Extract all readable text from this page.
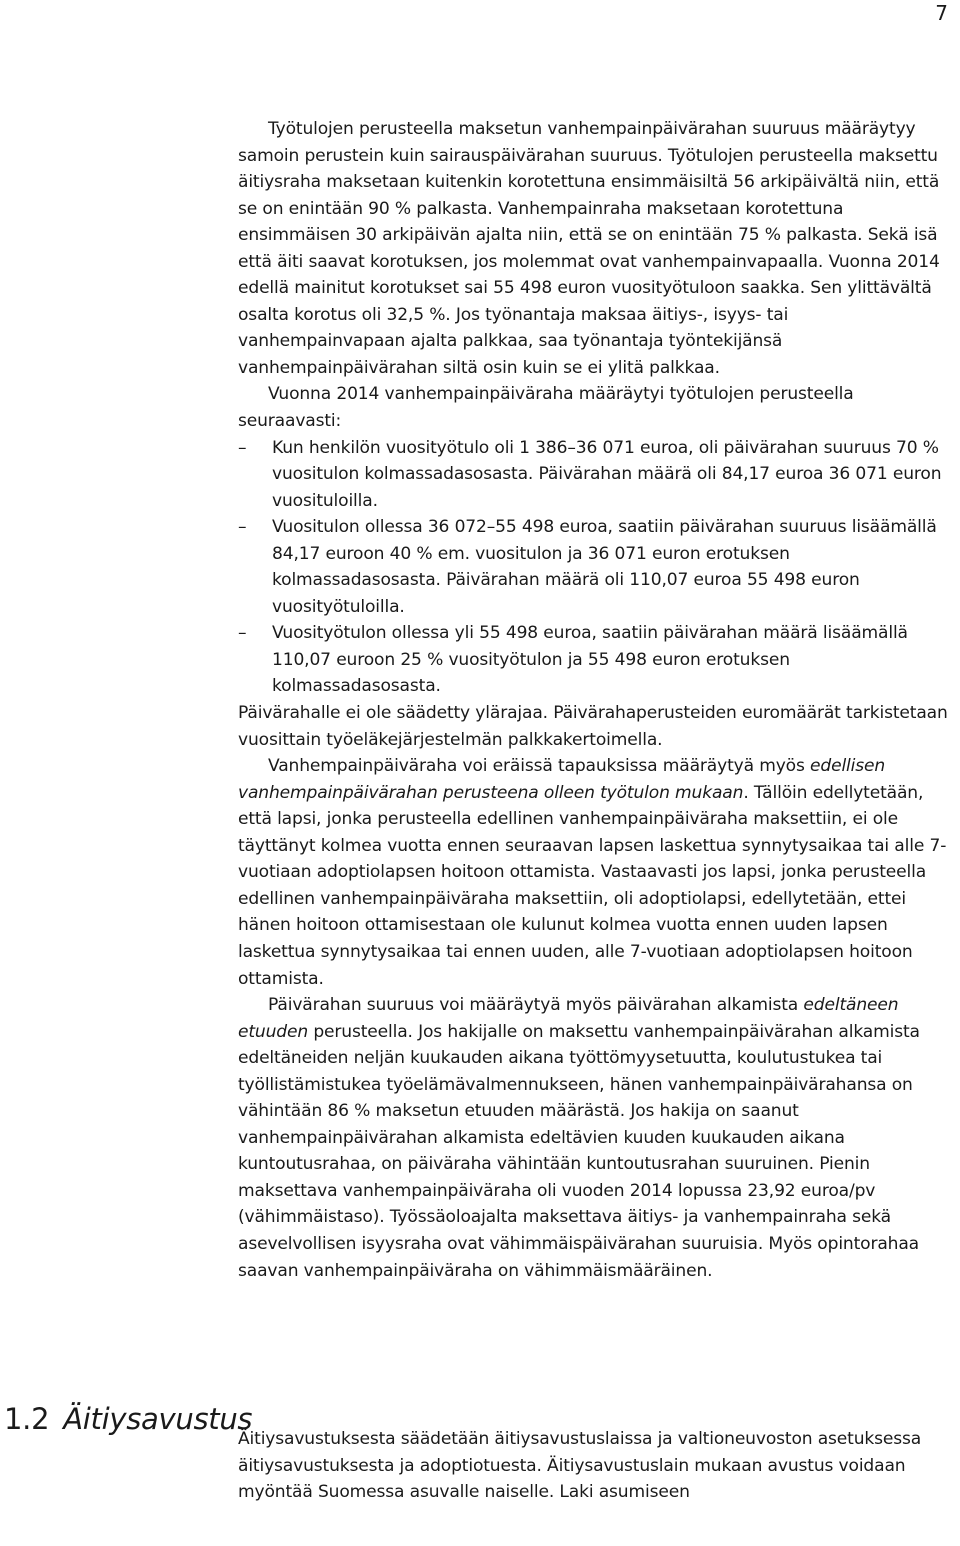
7

Työtulojen perusteella maksetun vanhempainpäivärahan suuruus määräytyy samoin perustein kuin sairauspäivärahan suuruus. Työtulojen perusteella maksettu äitiysraha maksetaan kuitenkin korotettuna ensimmäisiltä 56 arkipäivältä niin, että se on enintään 90 % palkasta. Vanhempainraha maksetaan korotettuna ensimmäisen 30 arkipäivän ajalta niin, että se on enintään 75 % palkasta. Sekä isä että äiti saavat korotuksen, jos molemmat ovat vanhempainvapaalla. Vuonna 2014 edellä mainitut korotukset sai 55 498 euron vuosityötuloon saakka. Sen ylittävältä osalta korotus oli 32,5 %. Jos työnantaja maksaa äitiys-, isyys- tai vanhempainvapaan ajalta palkkaa, saa työnantaja työntekijänsä vanhempainpäivärahan siltä osin kuin se ei ylitä palkkaa.

Vuonna 2014 vanhempainpäiväraha määräytyi työtulojen perusteella seuraavasti:

– Kun henkilön vuosityötulo oli 1 386–36 071 euroa, oli päivärahan suuruus 70 % vuositulon kolmassadasosasta. Päivärahan määrä oli 84,17 euroa 36 071 euron vuosituloilla.
– Vuositulon ollessa 36 072–55 498 euroa, saatiin päivärahan suuruus lisäämällä 84,17 euroon 40 % em. vuositulon ja 36 071 euron erotuksen kolmassadasosasta. Päivärahan määrä oli 110,07 euroa 55 498 euron vuosityötuloilla.
– Vuosityötulon ollessa yli 55 498 euroa, saatiin päivärahan määrä lisäämällä 110,07 euroon 25 % vuosityötulon ja 55 498 euron erotuksen kolmassadasosasta.

Päivärahalle ei ole säädetty ylärajaa. Päivärahaperusteiden euromäärät tarkistetaan vuosittain työeläkejärjestelmän palkkakertoimella.

Vanhempainpäiväraha voi eräissä tapauksissa määräytyä myös edellisen vanhempainpäivärahan perusteena olleen työtulon mukaan. Tällöin edellytetään, että lapsi, jonka perusteella edellinen vanhempainpäiväraha maksettiin, ei ole täyttänyt kolmea vuotta ennen seuraavan lapsen laskettua synnytysaikaa tai alle 7-vuotiaan adoptiolapsen hoitoon ottamista. Vastaavasti jos lapsi, jonka perusteella edellinen vanhempainpäiväraha maksettiin, oli adoptiolapsi, edellytetään, ettei hänen hoitoon ottamisestaan ole kulunut kolmea vuotta ennen uuden lapsen laskettua synnytysaikaa tai ennen uuden, alle 7-vuotiaan adoptiolapsen hoitoon ottamista.

Päivärahan suuruus voi määräytyä myös päivärahan alkamista edeltäneen etuuden perusteella. Jos hakijalle on maksettu vanhempainpäivärahan alkamista edeltäneiden neljän kuukauden aikana työttömyysetuutta, koulutustukea tai työllistämistukea työelämävalmennukseen, hänen vanhempainpäivärahansa on vähintään 86 % maksetun etuuden määrästä. Jos hakija on saanut vanhempainpäivärahan alkamista edeltävien kuuden kuukauden aikana kuntoutusrahaa, on päiväraha vähintään kuntoutusrahan suuruinen. Pienin maksettava vanhempainpäiväraha oli vuoden 2014 lopussa 23,92 euroa/pv (vähimmäistaso). Työssäoloajalta maksettava äitiys- ja vanhempainraha sekä asevelvollisen isyysraha ovat vähimmäispäivärahan suuruisia. Myös opintorahaa saavan vanhempainpäiväraha on vähimmäismääräinen.

1.2 Äitiysavustus

Äitiysavustuksesta säädetään äitiysavustuslaissa ja valtioneuvoston asetuksessa äitiysavustuksesta ja adoptiotuesta. Äitiysavustuslain mukaan avustus voidaan myöntää Suomessa asuvalle naiselle. Laki asumiseen
